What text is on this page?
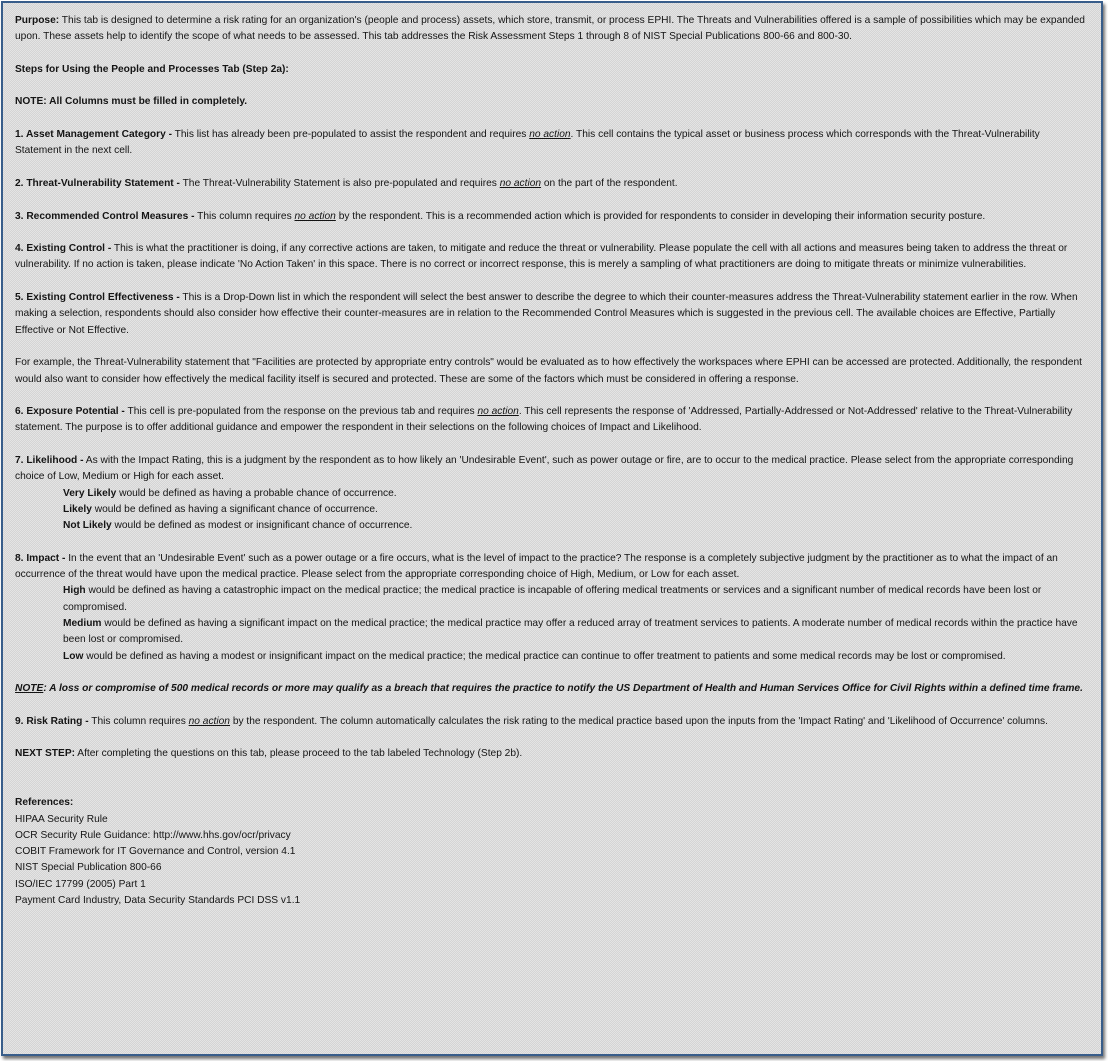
Purpose: This tab is designed to determine a risk rating for an organization's (people and process) assets, which store, transmit, or process EPHI. The Threats and Vulnerabilities offered is a sample of possibilities which may be expanded upon. These assets help to identify the scope of what needs to be assessed. This tab addresses the Risk Assessment Steps 1 through 8 of NIST Special Publications 800-66 and 800-30.

Steps for Using the People and Processes Tab (Step 2a):

NOTE: All Columns must be filled in completely.

1. Asset Management Category - This list has already been pre-populated to assist the respondent and requires no action. This cell contains the typical asset or business process which corresponds with the Threat-Vulnerability Statement in the next cell.

2. Threat-Vulnerability Statement - The Threat-Vulnerability Statement is also pre-populated and requires no action on the part of the respondent.

3. Recommended Control Measures - This column requires no action by the respondent. This is a recommended action which is provided for respondents to consider in developing their information security posture.

4. Existing Control - This is what the practitioner is doing, if any corrective actions are taken, to mitigate and reduce the threat or vulnerability. Please populate the cell with all actions and measures being taken to address the threat or vulnerability. If no action is taken, please indicate 'No Action Taken' in this space. There is no correct or incorrect response, this is merely a sampling of what practitioners are doing to mitigate threats or minimize vulnerabilities.

5. Existing Control Effectiveness - This is a Drop-Down list in which the respondent will select the best answer to describe the degree to which their counter-measures address the Threat-Vulnerability statement earlier in the row. When making a selection, respondents should also consider how effective their counter-measures are in relation to the Recommended Control Measures which is suggested in the previous cell. The available choices are Effective, Partially Effective or Not Effective.

For example, the Threat-Vulnerability statement that "Facilities are protected by appropriate entry controls" would be evaluated as to how effectively the workspaces where EPHI can be accessed are protected. Additionally, the respondent would also want to consider how effectively the medical facility itself is secured and protected. These are some of the factors which must be considered in offering a response.

6. Exposure Potential - This cell is pre-populated from the response on the previous tab and requires no action. This cell represents the response of 'Addressed, Partially-Addressed or Not-Addressed' relative to the Threat-Vulnerability statement. The purpose is to offer additional guidance and empower the respondent in their selections on the following choices of Impact and Likelihood.

7. Likelihood - As with the Impact Rating, this is a judgment by the respondent as to how likely an 'Undesirable Event', such as power outage or fire, are to occur to the medical practice. Please select from the appropriate corresponding choice of Low, Medium or High for each asset.

Very Likely would be defined as having a probable chance of occurrence.

Likely would be defined as having a significant chance of occurrence.

Not Likely would be defined as modest or insignificant chance of occurrence.

8. Impact - In the event that an 'Undesirable Event' such as a power outage or a fire occurs, what is the level of impact to the practice? The response is a completely subjective judgment by the practitioner as to what the impact of an occurrence of the threat would have upon the medical practice. Please select from the appropriate corresponding choice of High, Medium, or Low for each asset.

High would be defined as having a catastrophic impact on the medical practice; the medical practice is incapable of offering medical treatments or services and a significant number of medical records have been lost or compromised.

Medium would be defined as having a significant impact on the medical practice; the medical practice may offer a reduced array of treatment services to patients. A moderate number of medical records within the practice have been lost or compromised.

Low would be defined as having a modest or insignificant impact on the medical practice; the medical practice can continue to offer treatment to patients and some medical records may be lost or compromised.

NOTE: A loss or compromise of 500 medical records or more may qualify as a breach that requires the practice to notify the US Department of Health and Human Services Office for Civil Rights within a defined time frame.

9. Risk Rating - This column requires no action by the respondent. The column automatically calculates the risk rating to the medical practice based upon the inputs from the 'Impact Rating' and 'Likelihood of Occurrence' columns.

NEXT STEP: After completing the questions on this tab, please proceed to the tab labeled Technology (Step 2b).

References:

HIPAA Security Rule

OCR Security Rule Guidance: http://www.hhs.gov/ocr/privacy

COBIT Framework for IT Governance and Control, version 4.1

NIST Special Publication 800-66

ISO/IEC 17799 (2005) Part 1

Payment Card Industry, Data Security Standards PCI DSS v1.1
